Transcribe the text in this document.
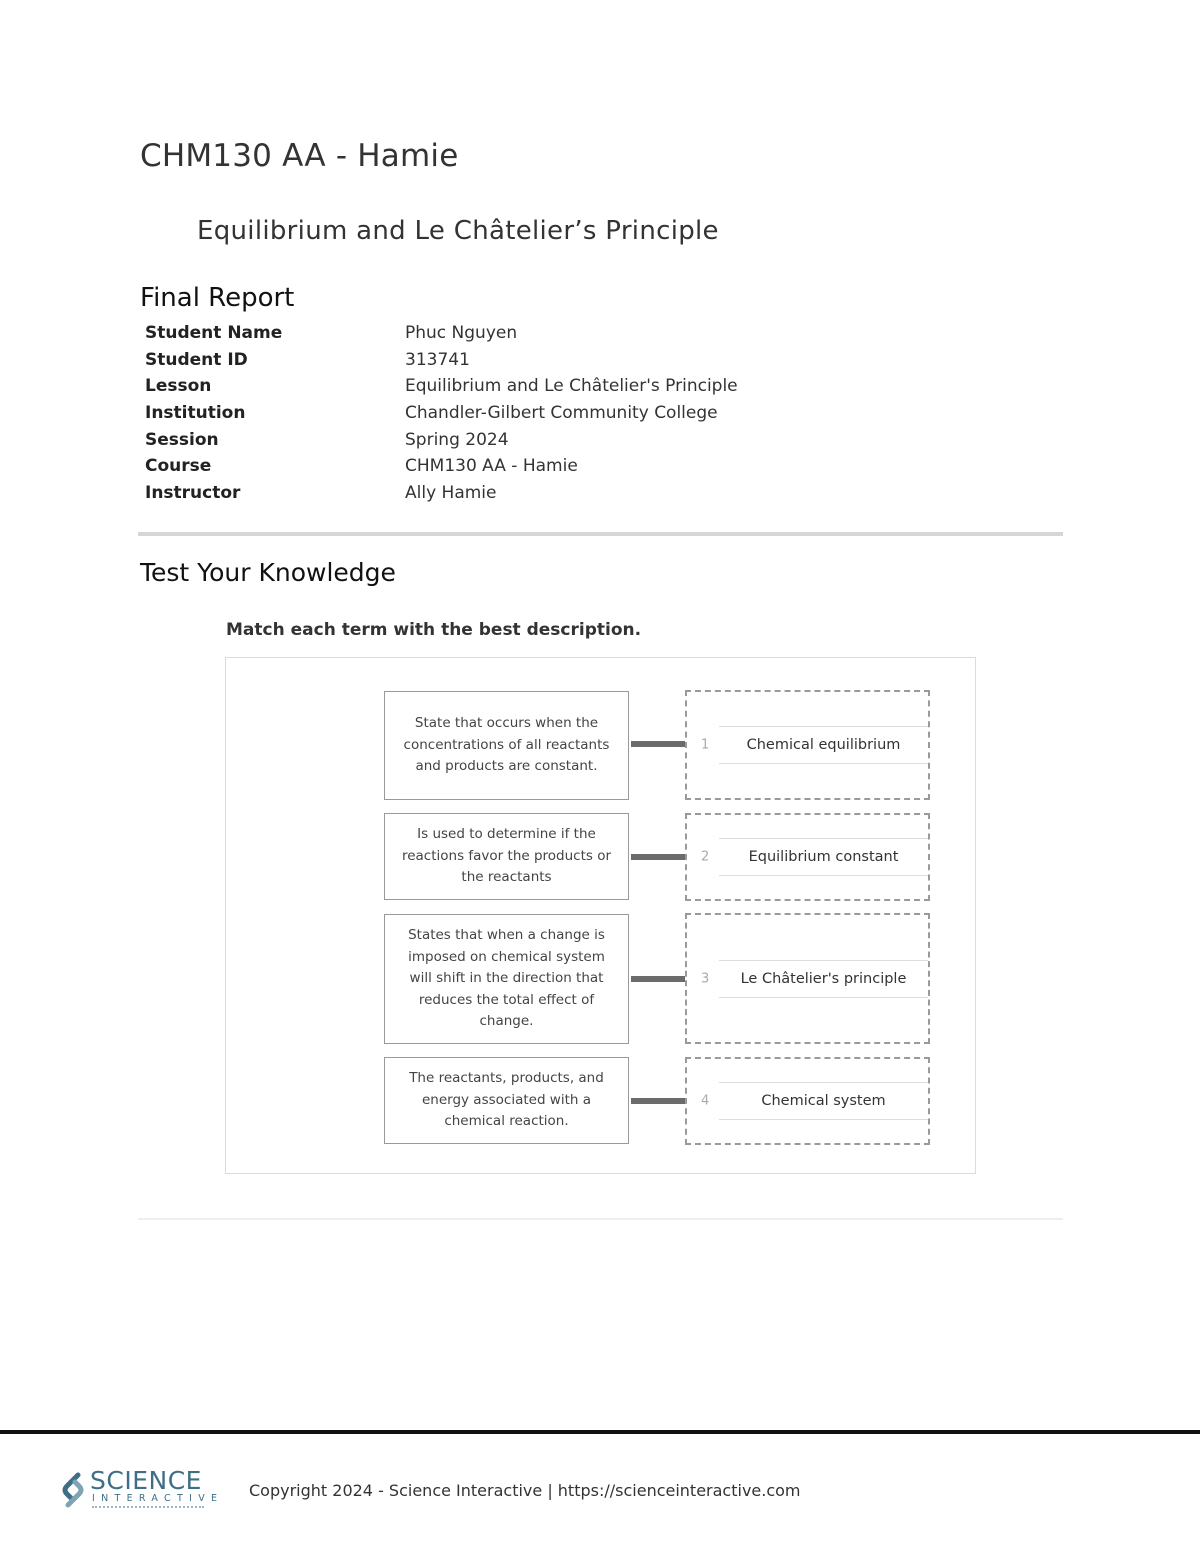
CHM130 AA - Hamie
Equilibrium and Le Châtelier’s Principle
Final Report
Student Name	Phuc Nguyen
Student ID	313741
Lesson	Equilibrium and Le Châtelier's Principle
Institution	Chandler-Gilbert Community College
Session	Spring 2024
Course	CHM130 AA - Hamie
Instructor	Ally Hamie
Test Your Knowledge

Match each term with the best description.

State that occurs when the concentrations of all reactants and products are constant.
1	Chemical equilibrium
Is used to determine if the reactions favor the products or the reactants
2	Equilibrium constant
States that when a change is imposed on chemical system will shift in the direction that reduces the total effect of change.
3	Le Châtelier's principle
The reactants, products, and energy associated with a chemical reaction.
4	Chemical system
SCIENCE
INTERACTIVE Copyright 2024 - Science Interactive | https://scienceinteractive.com
